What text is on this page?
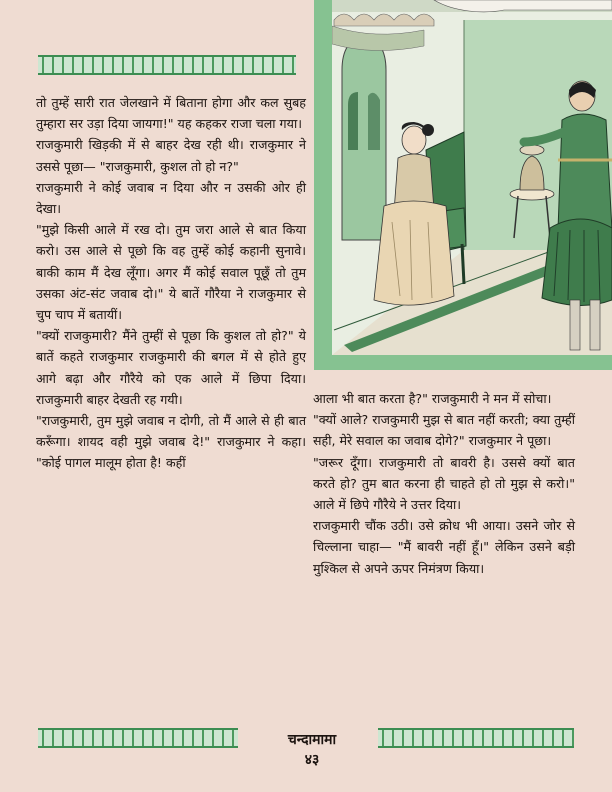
तो तुम्हें सारी रात जेलखाने में बिताना होगा और कल सुबह तुम्हारा सर उड़ा दिया जायगा!" यह कहकर राजा चला गया।

राजकुमारी खिड़की में से बाहर देख रही थी। राजकुमार ने उससे पूछा— "राजकुमारी, कुशल तो हो न?"

राजकुमारी ने कोई जवाब न दिया और न उसकी ओर ही देखा।

"मुझे किसी आले में रख दो। तुम जरा आले से बात किया करो। उस आले से पूछो कि वह तुम्हें कोई कहानी सुनावे। बाकी काम मैं देख लूँगा। अगर मैं कोई सवाल पूछूँ तो तुम उसका अंट-संट जवाब दो।" ये बातें गौरैया ने राजकुमार से चुप चाप में बतायीं।

"क्यों राजकुमारी? मैंने तुम्हीं से पूछा कि कुशल तो हो?" ये बातें कहते राजकुमार राजकुमारी की बगल में से होते हुए आगे बढ़ा और गौरैये को एक आले में छिपा दिया। राजकुमारी बाहर देखती रह गयी।

"राजकुमारी, तुम मुझे जवाब न दोगी, तो मैं आले से ही बात करूँगा। शायद वही मुझे जवाब दे!" राजकुमार ने कहा। "कोई पागल मालूम होता है! कहीं

आला भी बात करता है?" राजकुमारी ने मन में सोचा।

"क्यों आले? राजकुमारी मुझ से बात नहीं करती; क्या तुम्हीं सही, मेरे सवाल का जवाब दोगे?" राजकुमार ने पूछा।

"जरूर दूँगा। राजकुमारी तो बावरी है। उससे क्यों बात करते हो? तुम बात करना ही चाहते हो तो मुझ से करो।" आले में छिपे गौरैये ने उत्तर दिया।

राजकुमारी चौंक उठी। उसे क्रोध भी आया। उसने जोर से चिल्लाना चाहा— "मैं बावरी नहीं हूँ।" लेकिन उसने बड़ी मुश्किल से अपने ऊपर निमंत्रण किया।

चन्दामामा
४३
